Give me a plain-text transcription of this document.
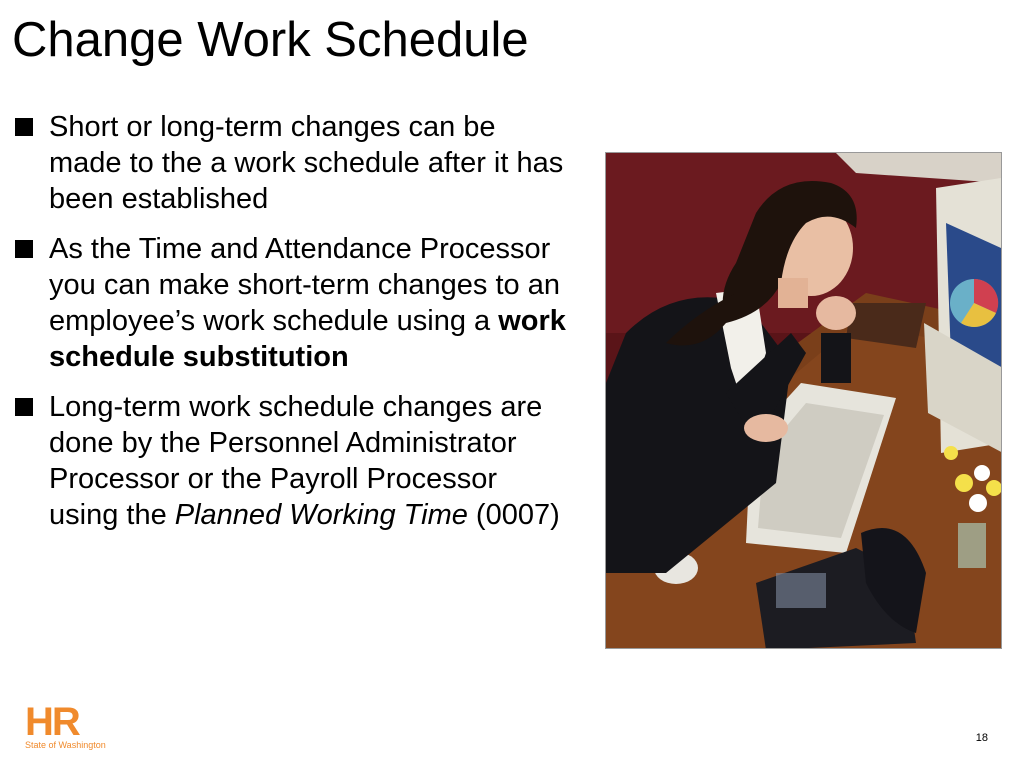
Change Work Schedule
Short or long-term changes can be made to the a work schedule after it has been established
As the Time and Attendance Processor you can make short-term changes to an employee’s work schedule using a work schedule substitution
Long-term work schedule changes are done by the Personnel Administrator Processor or the Payroll Processor using the Planned Working Time (0007)
HR
State of Washington
18
